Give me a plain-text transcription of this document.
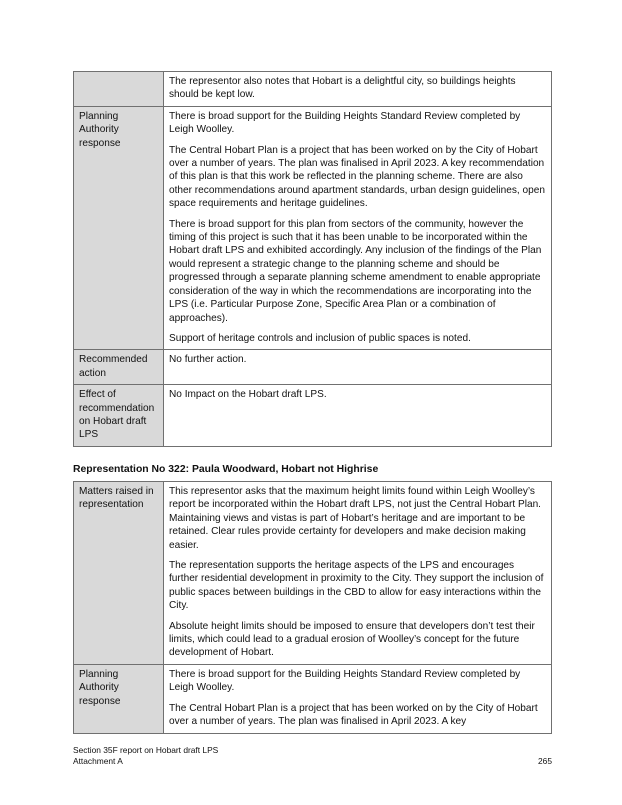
	The representor also notes that Hobart is a delightful city, so buildings heights should be kept low.

Planning Authority response	There is broad support for the Building Heights Standard Review completed by Leigh Woolley.

The Central Hobart Plan is a project that has been worked on by the City of Hobart over a number of years. The plan was finalised in April 2023. A key recommendation of this plan is that this work be reflected in the planning scheme. There are also other recommendations around apartment standards, urban design guidelines, open space requirements and heritage guidelines.

There is broad support for this plan from sectors of the community, however the timing of this project is such that it has been unable to be incorporated within the Hobart draft LPS and exhibited accordingly. Any inclusion of the findings of the Plan would represent a strategic change to the planning scheme and should be progressed through a separate planning scheme amendment to enable appropriate consideration of the way in which the recommendations are incorporating into the LPS (i.e. Particular Purpose Zone, Specific Area Plan or a combination of approaches).

Support of heritage controls and inclusion of public spaces is noted.

Recommended action	No further action.

Effect of recommendation on Hobart draft LPS	No Impact on the Hobart draft LPS.

Representation No 322: Paula Woodward, Hobart not Highrise
Matters raised in representation	This representor asks that the maximum height limits found within Leigh Woolley’s report be incorporated within the Hobart draft LPS, not just the Central Hobart Plan. Maintaining views and vistas is part of Hobart’s heritage and are important to be retained. Clear rules provide certainty for developers and make decision making easier.

The representation supports the heritage aspects of the LPS and encourages further residential development in proximity to the City. They support the inclusion of public spaces between buildings in the CBD to allow for easy interactions within the City.

Absolute height limits should be imposed to ensure that developers don’t test their limits, which could lead to a gradual erosion of Woolley’s concept for the future development of Hobart.

Planning Authority response	There is broad support for the Building Heights Standard Review completed by Leigh Woolley.

The Central Hobart Plan is a project that has been worked on by the City of Hobart over a number of years. The plan was finalised in April 2023. A key

Section 35F report on Hobart draft LPS
Attachment A	265
